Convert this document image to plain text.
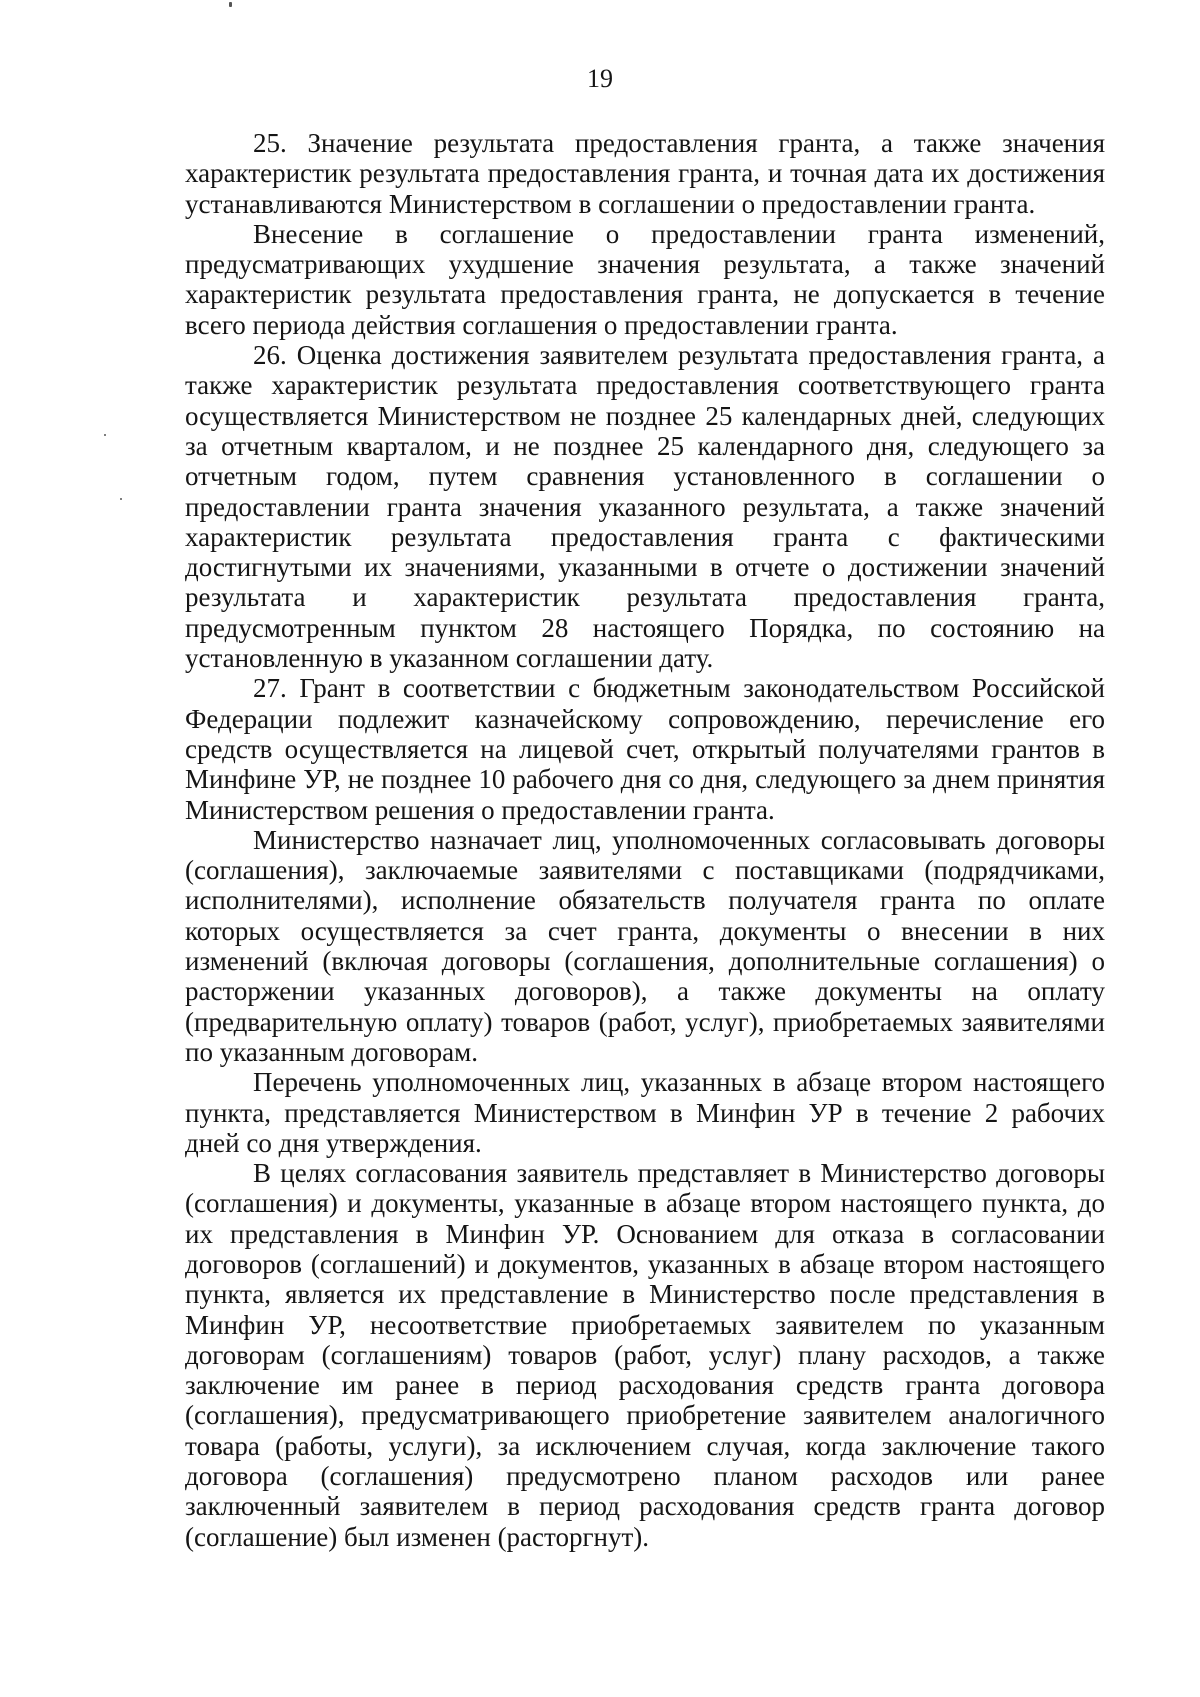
19

25. Значение результата предоставления гранта, а также значения характеристик результата предоставления гранта, и точная дата их достижения устанавливаются Министерством в соглашении о предоставлении гранта.

Внесение в соглашение о предоставлении гранта изменений, предусматривающих ухудшение значения результата, а также значений характеристик результата предоставления гранта, не допускается в течение всего периода действия соглашения о предоставлении гранта.

26. Оценка достижения заявителем результата предоставления гранта, а также характеристик результата предоставления соответствующего гранта осуществляется Министерством не позднее 25 календарных дней, следующих за отчетным кварталом, и не позднее 25 календарного дня, следующего за отчетным годом, путем сравнения установленного в соглашении о предоставлении гранта значения указанного результата, а также значений характеристик результата предоставления гранта с фактическими достигнутыми их значениями, указанными в отчете о достижении значений результата и характеристик результата предоставления гранта, предусмотренным пунктом 28 настоящего Порядка, по состоянию на установленную в указанном соглашении дату.

27. Грант в соответствии с бюджетным законодательством Российской Федерации подлежит казначейскому сопровождению, перечисление его средств осуществляется на лицевой счет, открытый получателями грантов в Минфине УР, не позднее 10 рабочего дня со дня, следующего за днем принятия Министерством решения о предоставлении гранта.

Министерство назначает лиц, уполномоченных согласовывать договоры (соглашения), заключаемые заявителями с поставщиками (подрядчиками, исполнителями), исполнение обязательств получателя гранта по оплате которых осуществляется за счет гранта, документы о внесении в них изменений (включая договоры (соглашения, дополнительные соглашения) о расторжении указанных договоров), а также документы на оплату (предварительную оплату) товаров (работ, услуг), приобретаемых заявителями по указанным договорам.

Перечень уполномоченных лиц, указанных в абзаце втором настоящего пункта, представляется Министерством в Минфин УР в течение 2 рабочих дней со дня утверждения.

В целях согласования заявитель представляет в Министерство договоры (соглашения) и документы, указанные в абзаце втором настоящего пункта, до их представления в Минфин УР. Основанием для отказа в согласовании договоров (соглашений) и документов, указанных в абзаце втором настоящего пункта, является их представление в Министерство после представления в Минфин УР, несоответствие приобретаемых заявителем по указанным договорам (соглашениям) товаров (работ, услуг) плану расходов, а также заключение им ранее в период расходования средств гранта договора (соглашения), предусматривающего приобретение заявителем аналогичного товара (работы, услуги), за исключением случая, когда заключение такого договора (соглашения) предусмотрено планом расходов или ранее заключенный заявителем в период расходования средств гранта договор (соглашение) был изменен (расторгнут).
